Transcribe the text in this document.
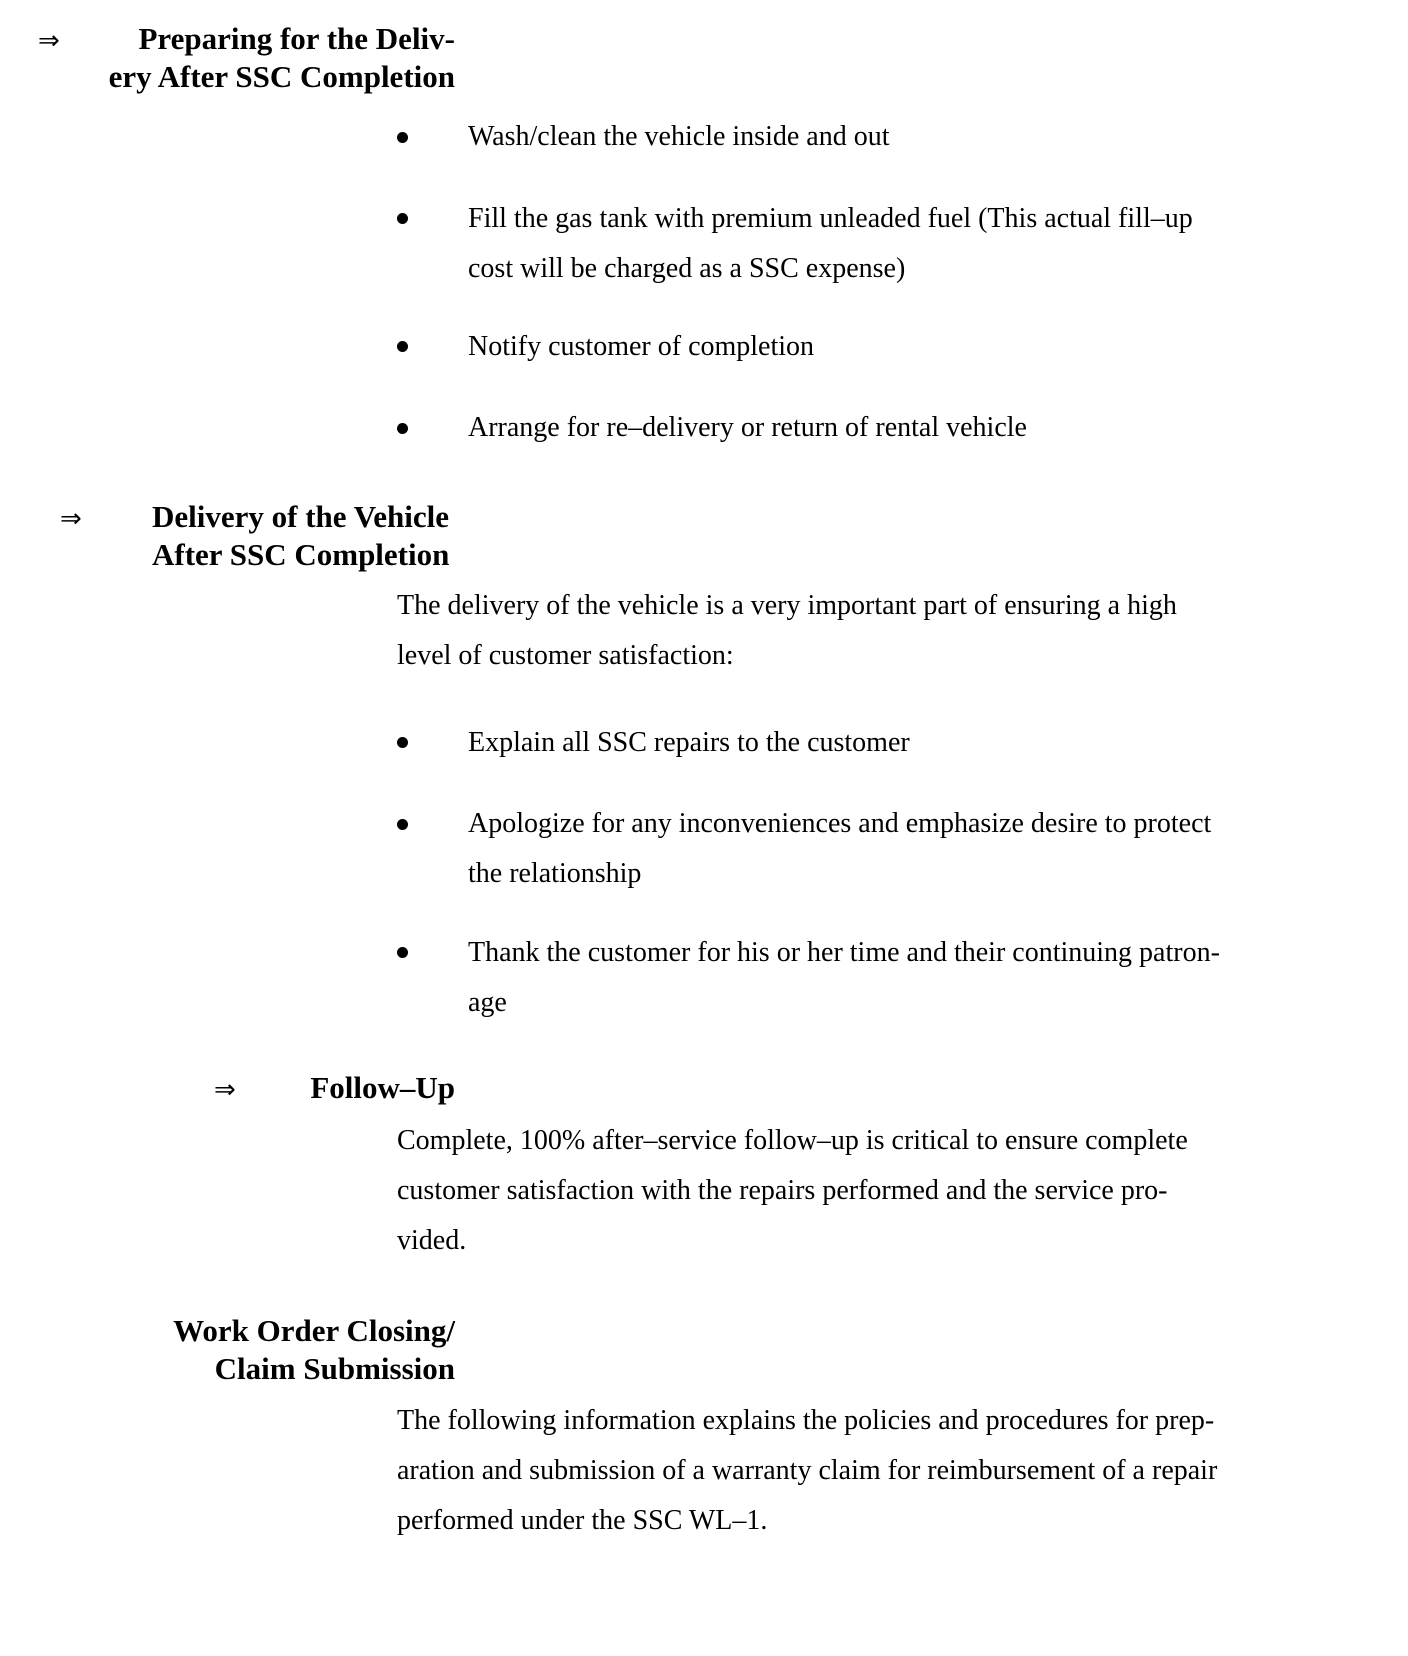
⇒	Preparing for the Deliv-
ery After SSC Completion
Wash/clean the vehicle inside and out
Fill the gas tank with premium unleaded fuel (This actual fill–up
cost will be charged as a SSC expense)
Notify customer of completion
Arrange for re–delivery or return of rental vehicle
⇒ Delivery of the Vehicle
After SSC Completion
The delivery of the vehicle is a very important part of ensuring a high
level of customer satisfaction:
Explain all SSC repairs to the customer
Apologize for any inconveniences and emphasize desire to protect
the relationship
Thank the customer for his or her time and their continuing patron-
age
⇒ Follow–Up
Complete, 100% after–service follow–up is critical to ensure complete
customer satisfaction with the repairs performed and the service pro-
vided.
Work Order Closing/
Claim Submission
The following information explains the policies and procedures for prep-
aration and submission of a warranty claim for reimbursement of a repair
performed under the SSC WL–1.
